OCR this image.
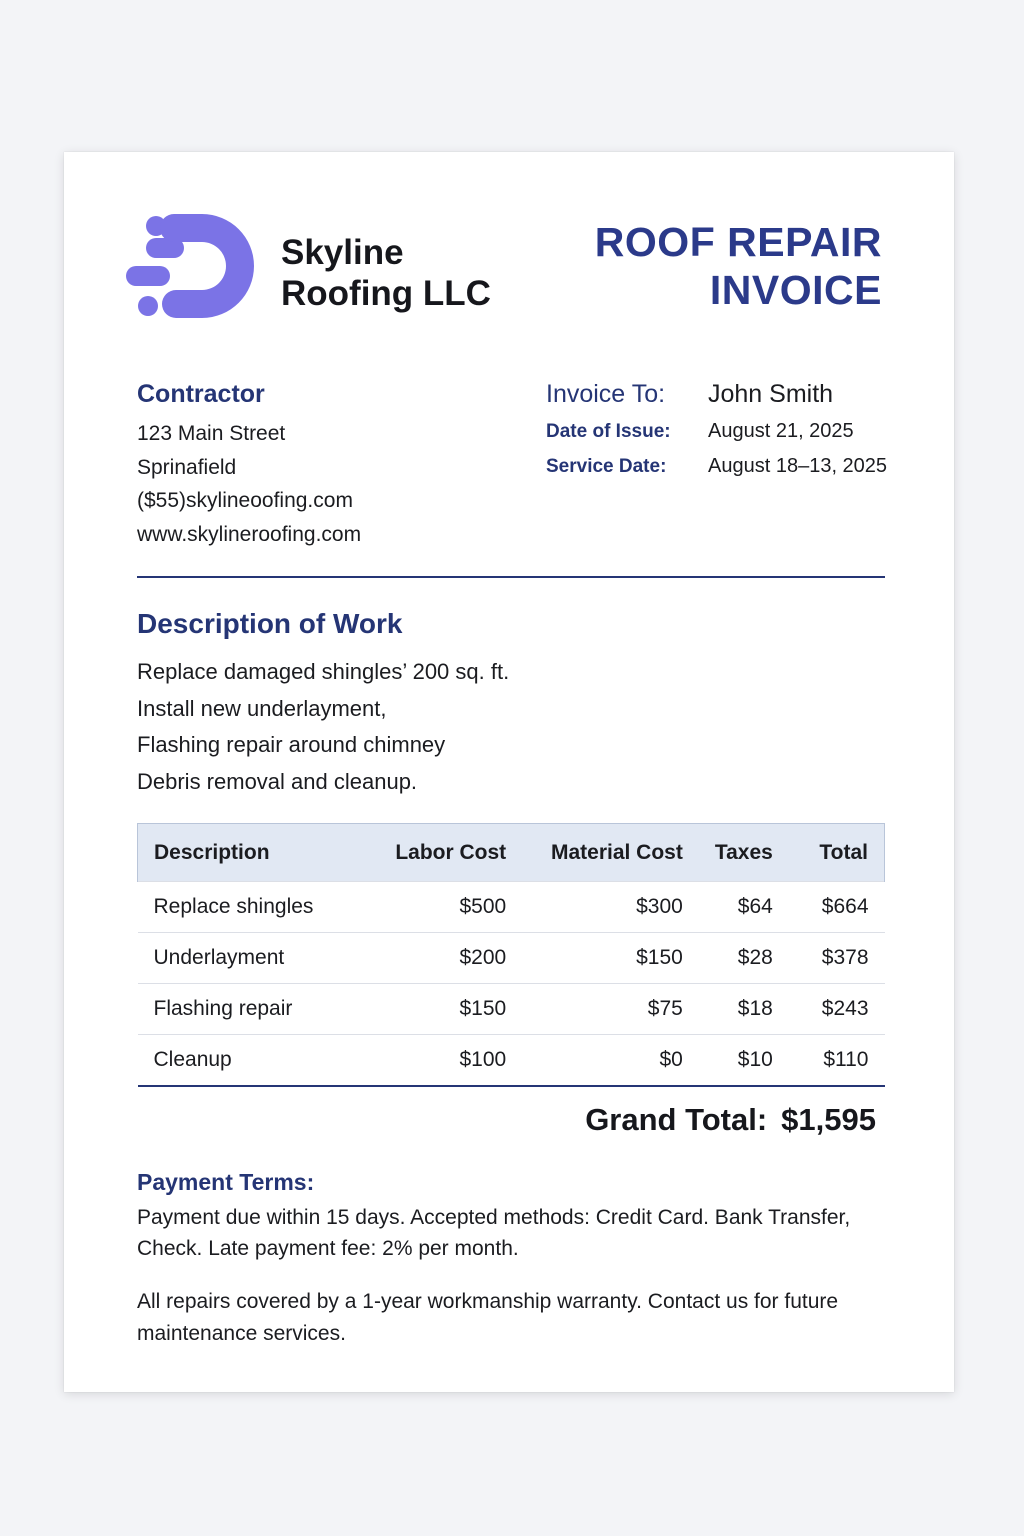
Skyline
Roofing LLC
ROOF REPAIR
INVOICE
Contractor
123 Main Street
Sprinafield
($55)skylineoofing.com
www.skylineroofing.com
Invoice To: John Smith
Date of Issue: August 21, 2025
Service Date: August 18–13, 2025
Description of Work
Replace damaged shingles’ 200 sq. ft.
Install new underlayment,
Flashing repair around chimney
Debris removal and cleanup.
Description	Labor Cost	Material Cost	Taxes	Total
Replace shingles	$500	$300	$64	$664
Underlayment	$200	$150	$28	$378
Flashing repair	$150	$75	$18	$243
Cleanup	$100	$0	$10	$110
Grand Total: $1,595
Payment Terms:
Payment due within 15 days. Accepted methods: Credit Card. Bank Transfer, Check. Late payment fee: 2% per month.
All repairs covered by a 1-year workmanship warranty. Contact us for future maintenance services.
